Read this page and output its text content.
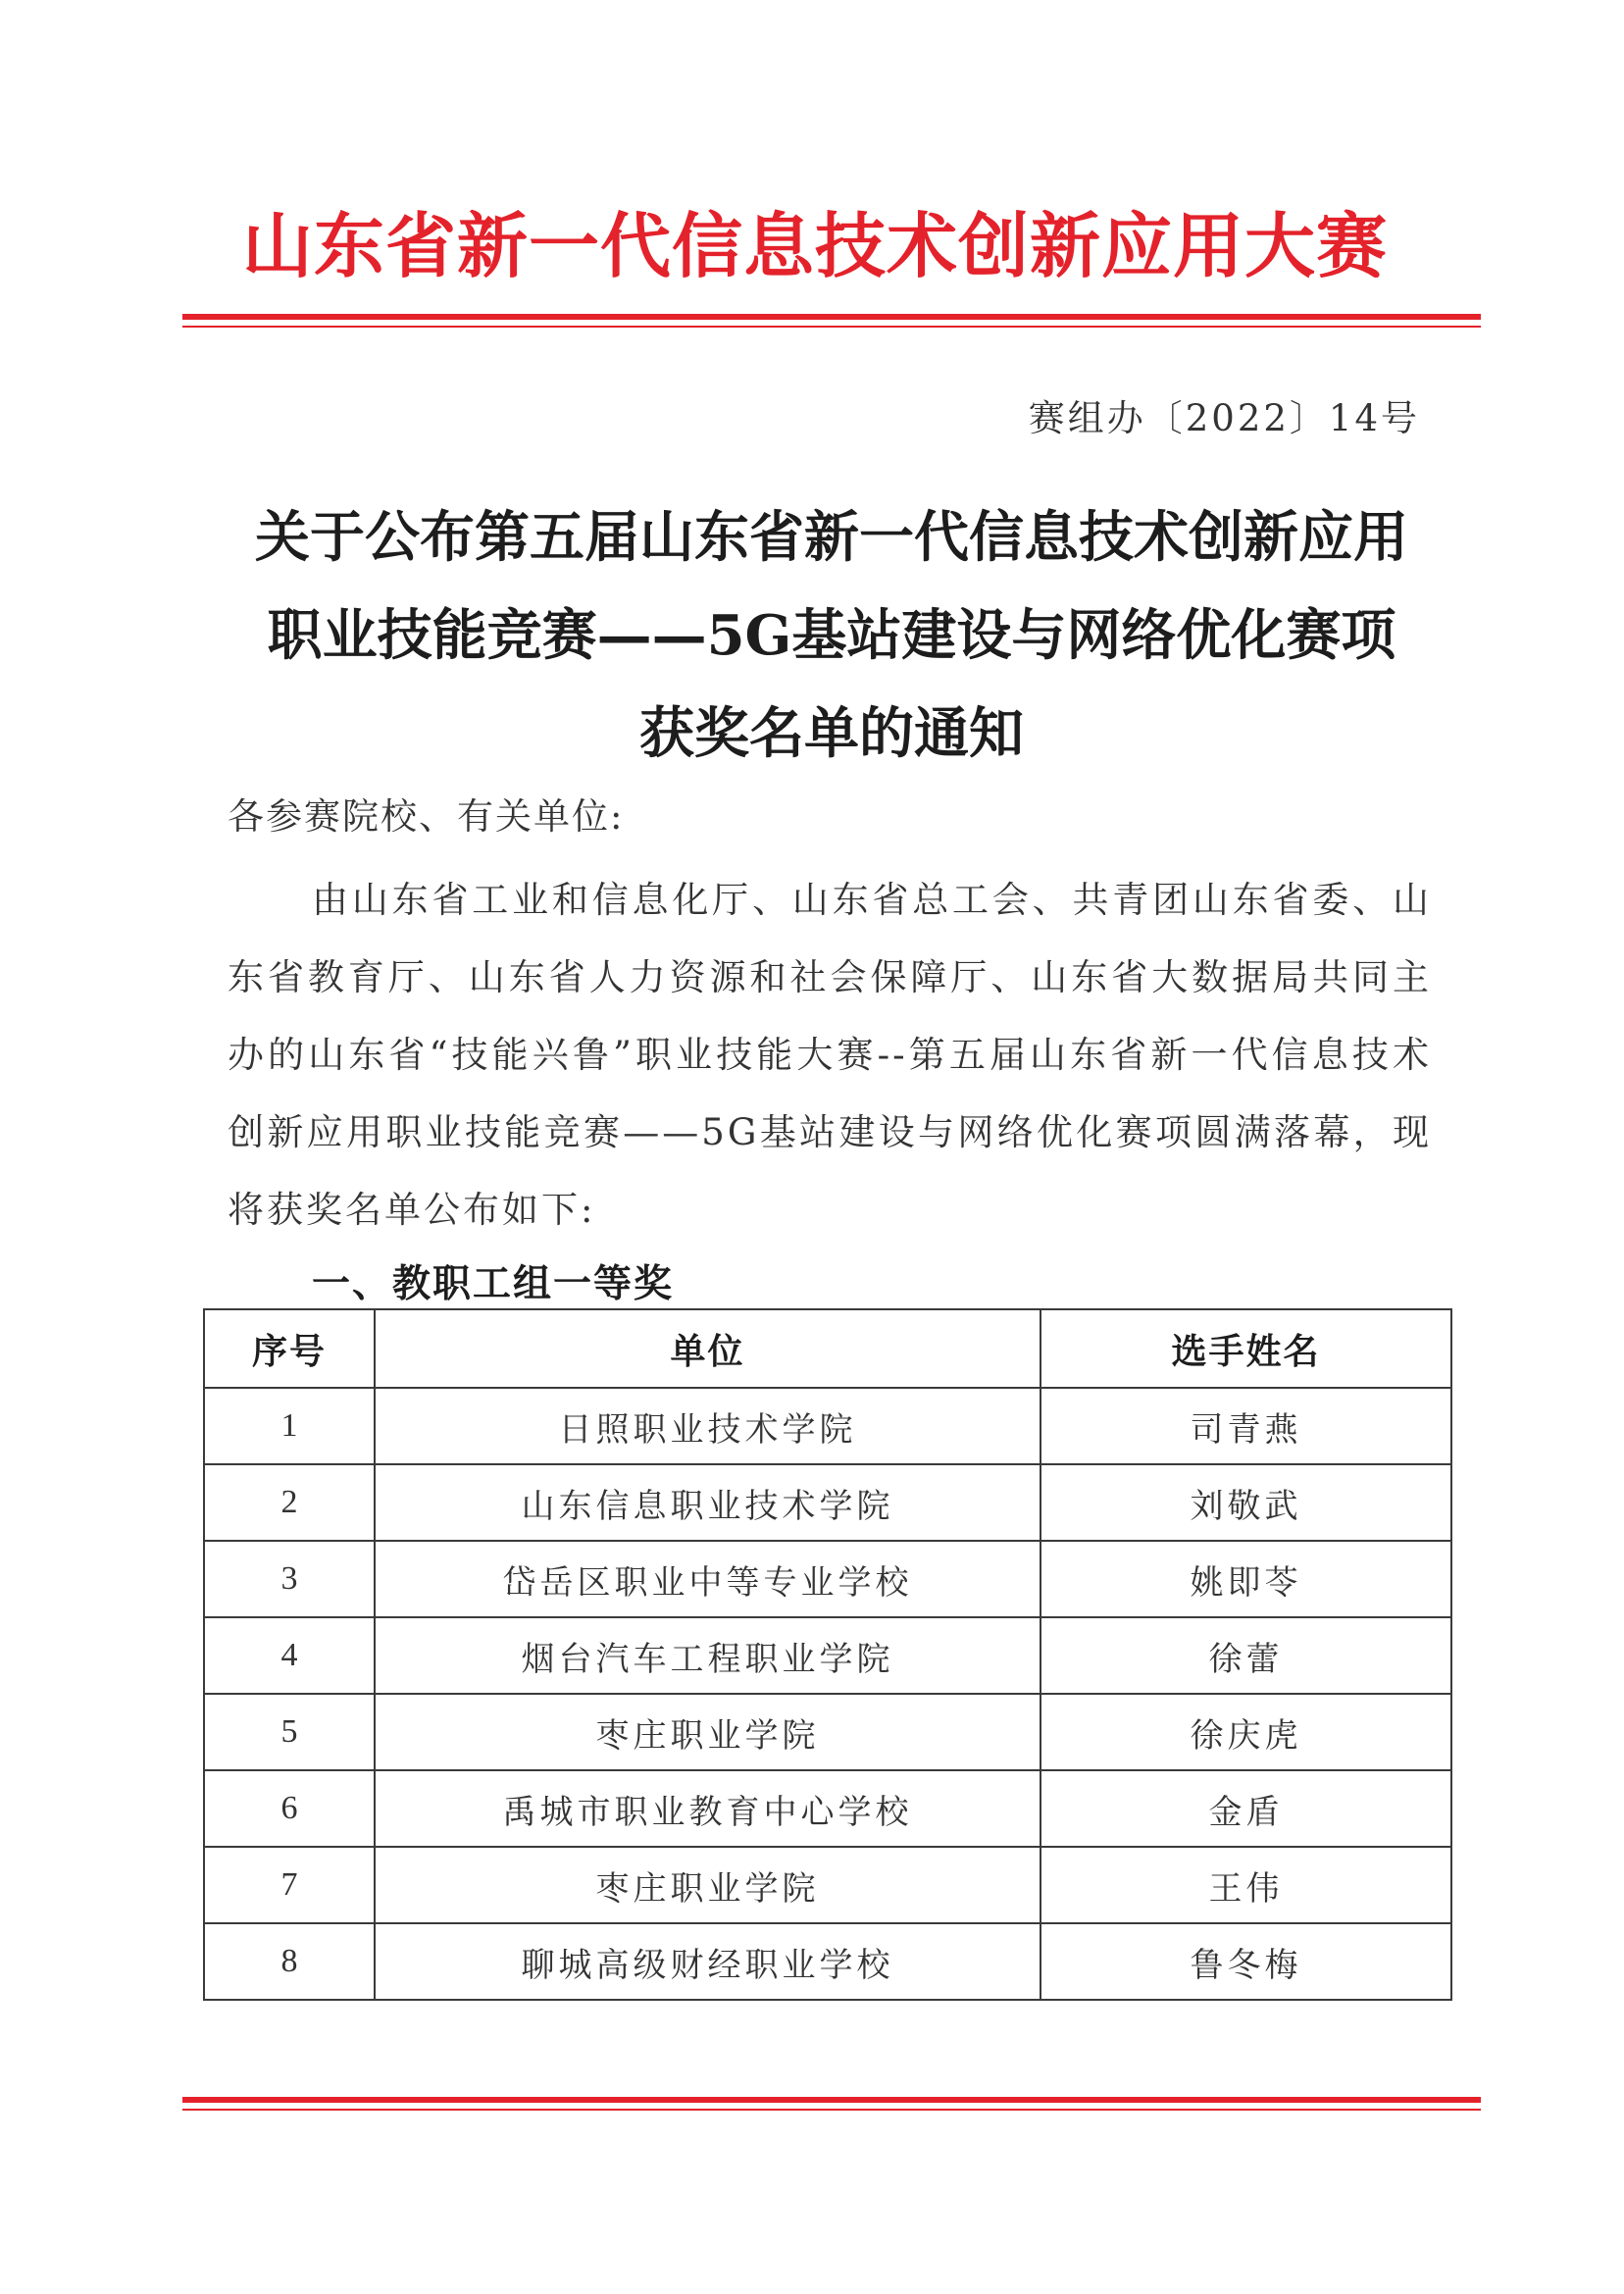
山东省新一代信息技术创新应用大赛
赛组办〔2022〕14号
关于公布第五届山东省新一代信息技术创新应用
职业技能竞赛——5G基站建设与网络优化赛项
获奖名单的通知
各参赛院校、有关单位:
由山东省工业和信息化厅、山东省总工会、共青团山东省委、山东省教育厅、山东省人力资源和社会保障厅、山东省大数据局共同主办的山东省“技能兴鲁”职业技能大赛--第五届山东省新一代信息技术创新应用职业技能竞赛——5G基站建设与网络优化赛项圆满落幕，现将获奖名单公布如下:
一、教职工组一等奖
序号	单位	选手姓名
1	日照职业技术学院	司青燕
2	山东信息职业技术学院	刘敬武
3	岱岳区职业中等专业学校	姚即苓
4	烟台汽车工程职业学院	徐蕾
5	枣庄职业学院	徐庆虎
6	禹城市职业教育中心学校	金盾
7	枣庄职业学院	王伟
8	聊城高级财经职业学校	鲁冬梅
